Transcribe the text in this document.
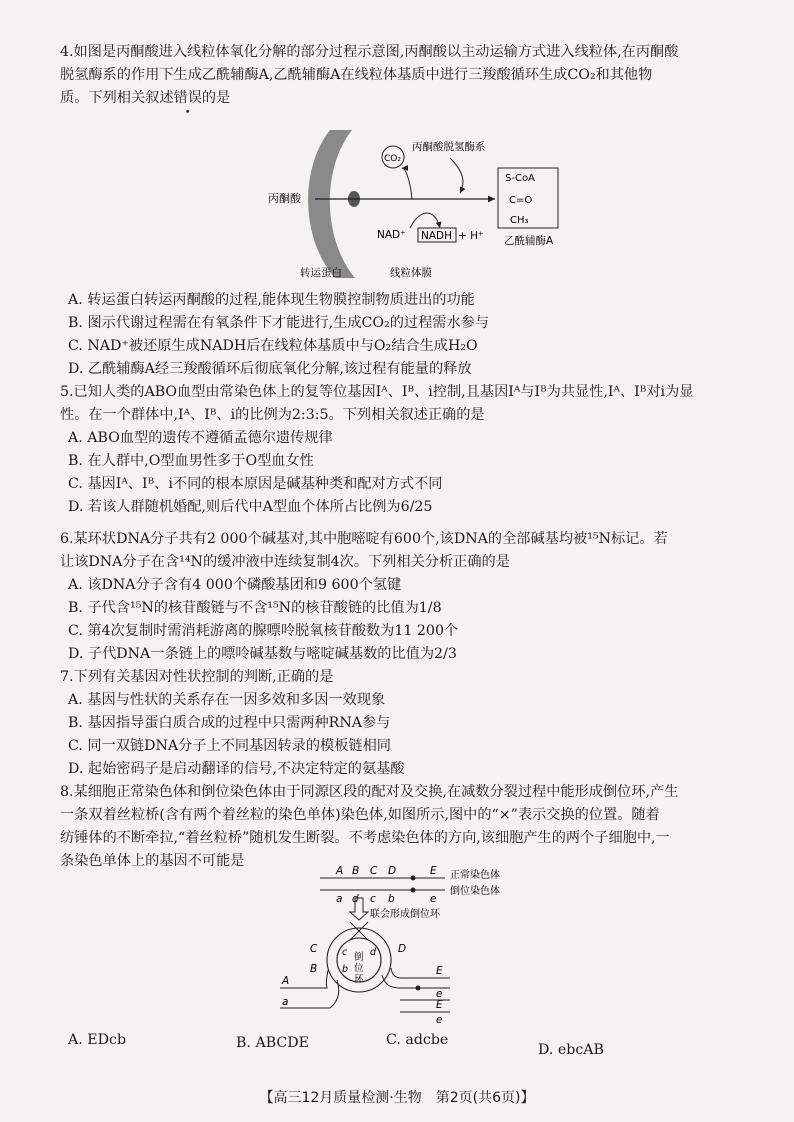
4.如图是丙酮酸进入线粒体氧化分解的部分过程示意图,丙酮酸以主动运输方式进入线粒体,在丙酮酸
脱氢酶系的作用下生成乙酰辅酶A,乙酰辅酶A在线粒体基质中进行三羧酸循环生成CO₂和其他物
质。下列相关叙述错误的是
CO₂
丙酮酸脱氢酶系
丙酮酸
NAD⁺ NADH + H⁺
S-CoA
C=O
CH₃
乙酰辅酶A
转运蛋白	线粒体膜
A. 转运蛋白转运丙酮酸的过程,能体现生物膜控制物质进出的功能
B. 图示代谢过程需在有氧条件下才能进行,生成CO₂的过程需水参与
C. NAD⁺被还原生成NADH后在线粒体基质中与O₂结合生成H₂O
D. 乙酰辅酶A经三羧酸循环后彻底氧化分解,该过程有能量的释放
5.已知人类的ABO血型由常染色体上的复等位基因Iᴬ、Iᴮ、i控制,且基因Iᴬ与Iᴮ为共显性,Iᴬ、Iᴮ对i为显
性。在一个群体中,Iᴬ、Iᴮ、i的比例为2:3:5。下列相关叙述正确的是
A. ABO血型的遗传不遵循孟德尔遗传规律
B. 在人群中,O型血男性多于O型血女性
C. 基因Iᴬ、Iᴮ、i不同的根本原因是碱基种类和配对方式不同
D. 若该人群随机婚配,则后代中A型血个体所占比例为6/25
6.某环状DNA分子共有2 000个碱基对,其中胞嘧啶有600个,该DNA的全部碱基均被¹⁵N标记。若
让该DNA分子在含¹⁴N的缓冲液中连续复制4次。下列相关分析正确的是
A. 该DNA分子含有4 000个磷酸基团和9 600个氢键
B. 子代含¹⁵N的核苷酸链与不含¹⁵N的核苷酸链的比值为1/8
C. 第4次复制时需消耗游离的腺嘌呤脱氧核苷酸数为11 200个
D. 子代DNA一条链上的嘌呤碱基数与嘧啶碱基数的比值为2/3
7.下列有关基因对性状控制的判断,正确的是
A. 基因与性状的关系存在一因多效和多因一效现象
B. 基因指导蛋白质合成的过程中只需两种RNA参与
C. 同一双链DNA分子上不同基因转录的模板链相同
D. 起始密码子是启动翻译的信号,不决定特定的氨基酸
8.某细胞正常染色体和倒位染色体由于同源区段的配对及交换,在减数分裂过程中能形成倒位环,产生
一条双着丝粒桥(含有两个着丝粒的染色单体)染色体,如图所示,图中的“×”表示交换的位置。随着
纺锤体的不断牵拉,“着丝粒桥”随机发生断裂。不考虑染色体的方向,该细胞产生的两个子细胞中,一
条染色单体上的基因不可能是
A B C D	E
a d c b	e
正常染色体
倒位染色体
联会形成倒位环
倒
位
环
C
B
D
c
b
d
A
a
E
e
E
e
A. EDcb	B. ABCDE	C. adcbe
D. ebcAB
【高三12月质量检测·生物　第2页(共6页)】
